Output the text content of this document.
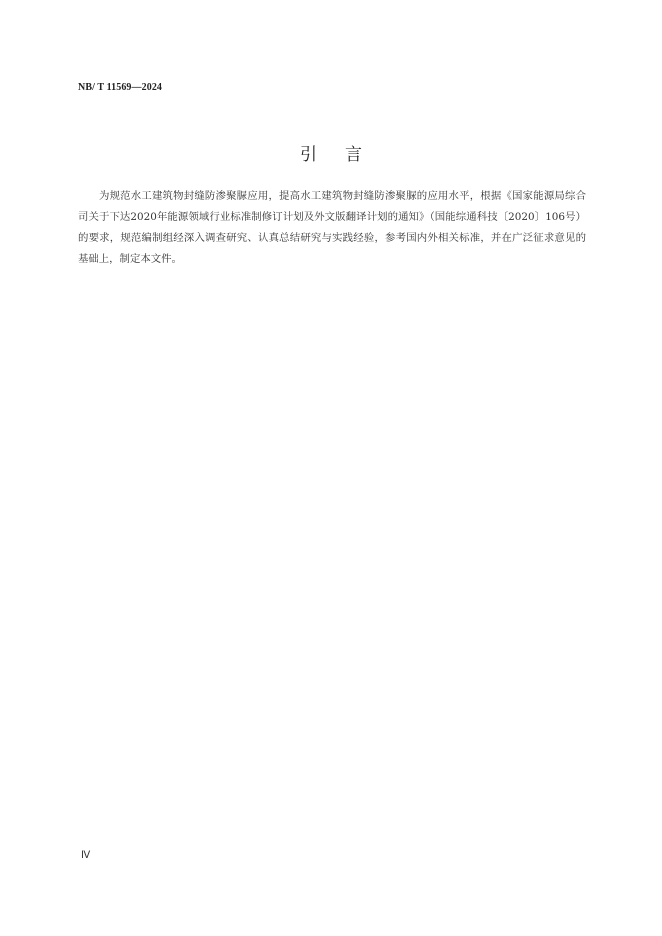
NB/ T 11569—2024
引言

为规范水工建筑物封缝防渗聚脲应用，提高水工建筑物封缝防渗聚脲的应用水平，根据《国家能源局综合司关于下达2020年能源领域行业标准制修订计划及外文版翻译计划的通知》（国能综通科技〔2020〕106号）的要求，规范编制组经深入调查研究、认真总结研究与实践经验，参考国内外相关标准，并在广泛征求意见的基础上，制定本文件。

Ⅳ
